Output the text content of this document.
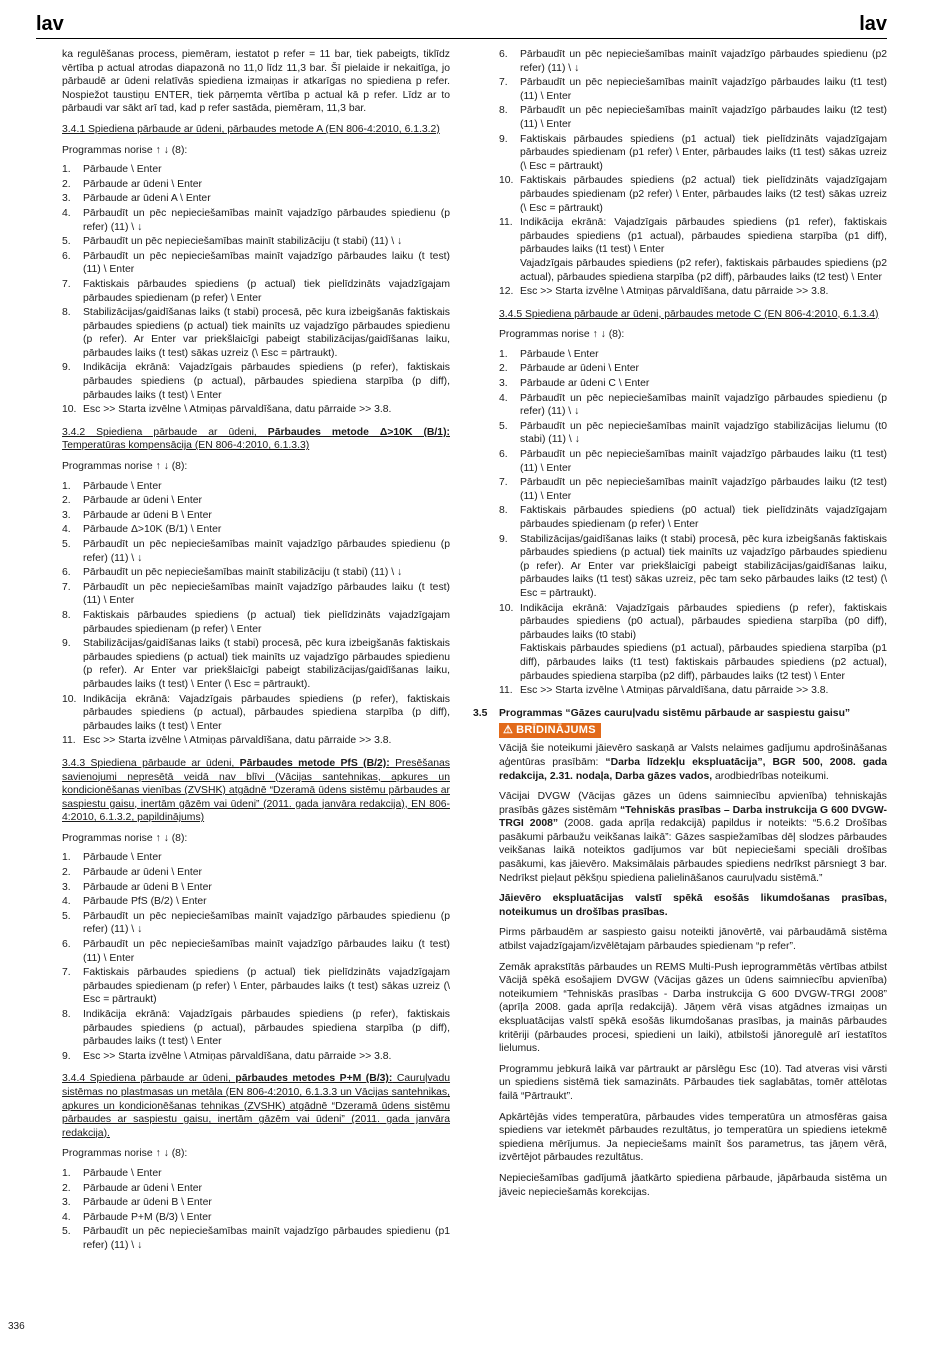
lav	lav

ka regulēšanas process, piemēram, iestatot p refer = 11 bar, tiek pabeigts, tiklīdz vērtība p actual atrodas diapazonā no 11,0 līdz 11,3 bar. Šī pielaide ir nekaitīga, jo pārbaudē ar ūdeni relatīvās spiediena izmaiņas ir atkarīgas no spiediena p refer. Nospiežot taustiņu ENTER, tiek pārņemta vērtība p actual kā p refer. Līdz ar to pārbaudi var sākt arī tad, kad p refer sastāda, piemēram, 11,3 bar.

3.4.1 Spiediena pārbaude ar ūdeni, pārbaudes metode A (EN 806-4:2010, 6.1.3.2)

Programmas norise ↑ ↓ (8):

1. Pārbaude \ Enter
2. Pārbaude ar ūdeni \ Enter
3. Pārbaude ar ūdeni A \ Enter
4. Pārbaudīt un pēc nepieciešamības mainīt vajadzīgo pārbaudes spiedienu (p refer) (11) \ ↓
5. Pārbaudīt un pēc nepieciešamības mainīt stabilizāciju (t stabi) (11) \ ↓
6. Pārbaudīt un pēc nepieciešamības mainīt vajadzīgo pārbaudes laiku (t test) (11) \ Enter
7. Faktiskais pārbaudes spiediens (p actual) tiek pielīdzināts vajadzīgajam pārbaudes spiedienam (p refer) \ Enter
8. Stabilizācijas/gaidīšanas laiks (t stabi) procesā, pēc kura izbeigšanās faktiskais pārbaudes spiediens (p actual) tiek mainīts uz vajadzīgo pārbaudes spiedienu (p refer). Ar Enter var priekšlaicīgi pabeigt stabilizācijas/gaidīšanas laiku, pārbaudes laiks (t test) sākas uzreiz (\ Esc = pārtraukt).
9. Indikācija ekrānā: Vajadzīgais pārbaudes spiediens (p refer), faktiskais pārbaudes spiediens (p actual), pārbaudes spiediena starpība (p diff), pārbaudes laiks (t test) \ Enter
10. Esc >> Starta izvēlne \ Atmiņas pārvaldīšana, datu pārraide >> 3.8.

3.4.2 Spiediena pārbaude ar ūdeni, Pārbaudes metode Δ>10K (B/1): Temperatūras kompensācija (EN 806-4:2010, 6.1.3.3)

Programmas norise ↑ ↓ (8):

1. Pārbaude \ Enter
2. Pārbaude ar ūdeni \ Enter
3. Pārbaude ar ūdeni B \ Enter
4. Pārbaude Δ>10K (B/1) \ Enter
5. Pārbaudīt un pēc nepieciešamības mainīt vajadzīgo pārbaudes spiedienu (p refer) (11) \ ↓
6. Pārbaudīt un pēc nepieciešamības mainīt stabilizāciju (t stabi) (11) \ ↓
7. Pārbaudīt un pēc nepieciešamības mainīt vajadzīgo pārbaudes laiku (t test) (11) \ Enter
8. Faktiskais pārbaudes spiediens (p actual) tiek pielīdzināts vajadzīgajam pārbaudes spiedienam (p refer) \ Enter
9. Stabilizācijas/gaidīšanas laiks (t stabi) procesā, pēc kura izbeigšanās faktiskais pārbaudes spiediens (p actual) tiek mainīts uz vajadzīgo pārbaudes spiedienu (p refer). Ar Enter var priekšlaicīgi pabeigt stabilizācijas/gaidīšanas laiku, pārbaudes laiks (t test) \ Enter (\ Esc = pārtraukt).
10. Indikācija ekrānā: Vajadzīgais pārbaudes spiediens (p refer), faktiskais pārbaudes spiediens (p actual), pārbaudes spiediena starpība (p diff), pārbaudes laiks (t test) \ Enter
11. Esc >> Starta izvēlne \ Atmiņas pārvaldīšana, datu pārraide >> 3.8.

3.4.3 Spiediena pārbaude ar ūdeni, Pārbaudes metode PfS (B/2): Presēšanas savienojumi nepresētā veidā nav blīvi (Vācijas santehnikas, apkures un kondicionēšanas vienības (ZVSHK) atgādnē “Dzeramā ūdens sistēmu pārbaudes ar saspiestu gaisu, inertām gāzēm vai ūdeni” (2011. gada janvāra redakcija), EN 806-4:2010, 6.1.3.2, papildinājums)

Programmas norise ↑ ↓ (8):

1. Pārbaude \ Enter
2. Pārbaude ar ūdeni \ Enter
3. Pārbaude ar ūdeni B \ Enter
4. Pārbaude PfS (B/2) \ Enter
5. Pārbaudīt un pēc nepieciešamības mainīt vajadzīgo pārbaudes spiedienu (p refer) (11) \ ↓
6. Pārbaudīt un pēc nepieciešamības mainīt vajadzīgo pārbaudes laiku (t test) (11) \ Enter
7. Faktiskais pārbaudes spiediens (p actual) tiek pielīdzināts vajadzīgajam pārbaudes spiedienam (p refer) \ Enter, pārbaudes laiks (t test) sākas uzreiz (\ Esc = pārtraukt)
8. Indikācija ekrānā: Vajadzīgais pārbaudes spiediens (p refer), faktiskais pārbaudes spiediens (p actual), pārbaudes spiediena starpība (p diff), pārbaudes laiks (t test) \ Enter
9. Esc >> Starta izvēlne \ Atmiņas pārvaldīšana, datu pārraide >> 3.8.

3.4.4 Spiediena pārbaude ar ūdeni, pārbaudes metodes P+M (B/3): Cauruļvadu sistēmas no plastmasas un metāla (EN 806-4:2010, 6.1.3.3 un Vācijas santehnikas, apkures un kondicionēšanas tehnikas (ZVSHK) atgādnē “Dzeramā ūdens sistēmu pārbaudes ar saspiestu gaisu, inertām gāzēm vai ūdeni” (2011. gada janvāra redakcija).

Programmas norise ↑ ↓ (8):

1. Pārbaude \ Enter
2. Pārbaude ar ūdeni \ Enter
3. Pārbaude ar ūdeni B \ Enter
4. Pārbaude P+M (B/3) \ Enter
5. Pārbaudīt un pēc nepieciešamības mainīt vajadzīgo pārbaudes spiedienu (p1 refer) (11) \ ↓
6. Pārbaudīt un pēc nepieciešamības mainīt vajadzīgo pārbaudes spiedienu (p2 refer) (11) \ ↓
7. Pārbaudīt un pēc nepieciešamības mainīt vajadzīgo pārbaudes laiku (t1 test) (11) \ Enter
8. Pārbaudīt un pēc nepieciešamības mainīt vajadzīgo pārbaudes laiku (t2 test) (11) \ Enter
9. Faktiskais pārbaudes spiediens (p1 actual) tiek pielīdzināts vajadzīgajam pārbaudes spiedienam (p1 refer) \ Enter, pārbaudes laiks (t1 test) sākas uzreiz (\ Esc = pārtraukt)
10. Faktiskais pārbaudes spiediens (p2 actual) tiek pielīdzināts vajadzīgajam pārbaudes spiedienam (p2 refer) \ Enter, pārbaudes laiks (t2 test) sākas uzreiz (\ Esc = pārtraukt)
11. Indikācija ekrānā: Vajadzīgais pārbaudes spiediens (p1 refer), faktiskais pārbaudes spiediens (p1 actual), pārbaudes spiediena starpība (p1 diff), pārbaudes laiks (t1 test) \ Enter
Vajadzīgais pārbaudes spiediens (p2 refer), faktiskais pārbaudes spiediens (p2 actual), pārbaudes spiediena starpība (p2 diff), pārbaudes laiks (t2 test) \ Enter
12. Esc >> Starta izvēlne \ Atmiņas pārvaldīšana, datu pārraide >> 3.8.

3.4.5 Spiediena pārbaude ar ūdeni, pārbaudes metode C (EN 806-4:2010, 6.1.3.4)

Programmas norise ↑ ↓ (8):

1. Pārbaude \ Enter
2. Pārbaude ar ūdeni \ Enter
3. Pārbaude ar ūdeni C \ Enter
4. Pārbaudīt un pēc nepieciešamības mainīt vajadzīgo pārbaudes spiedienu (p refer) (11) \ ↓
5. Pārbaudīt un pēc nepieciešamības mainīt vajadzīgo stabilizācijas lielumu (t0 stabi) (11) \ ↓
6. Pārbaudīt un pēc nepieciešamības mainīt vajadzīgo pārbaudes laiku (t1 test) (11) \ Enter
7. Pārbaudīt un pēc nepieciešamības mainīt vajadzīgo pārbaudes laiku (t2 test) (11) \ Enter
8. Faktiskais pārbaudes spiediens (p0 actual) tiek pielīdzināts vajadzīgajam pārbaudes spiedienam (p refer) \ Enter
9. Stabilizācijas/gaidīšanas laiks (t stabi) procesā, pēc kura izbeigšanās faktiskais pārbaudes spiediens (p actual) tiek mainīts uz vajadzīgo pārbaudes spiedienu (p refer). Ar Enter var priekšlaicīgi pabeigt stabilizācijas/gaidīšanas laiku, pārbaudes laiks (t1 test) sākas uzreiz, pēc tam seko pārbaudes laiks (t2 test) (\ Esc = pārtraukt).
10. Indikācija ekrānā: Vajadzīgais pārbaudes spiediens (p refer), faktiskais pārbaudes spiediens (p0 actual), pārbaudes spiediena starpība (p0 diff), pārbaudes laiks (t0 stabi)
Faktiskais pārbaudes spiediens (p1 actual), pārbaudes spiediena starpība (p1 diff), pārbaudes laiks (t1 test) faktiskais pārbaudes spiediens (p2 actual), pārbaudes spiediena starpība (p2 diff), pārbaudes laiks (t2 test) \ Enter
11. Esc >> Starta izvēlne \ Atmiņas pārvaldīšana, datu pārraide >> 3.8.
3.5 Programmas “Gāzes cauruļvadu sistēmu pārbaude ar saspiestu gaisu”
⚠ BRĪDINĀJUMS

Vācijā šie noteikumi jāievēro saskaņā ar Valsts nelaimes gadījumu apdrošināšanas aģentūras prasībām: “Darba līdzekļu ekspluatācija”, BGR 500, 2008. gada redakcija, 2.31. nodaļa, Darba gāzes vados, arodbiedrības noteikumi.

Vācijai DVGW (Vācijas gāzes un ūdens saimniecību apvienība) tehniskajās prasībās gāzes sistēmām “Tehniskās prasības – Darba instrukcija G 600 DVGW-TRGI 2008” (2008. gada aprīļa redakcijā) papildus ir noteikts: “5.6.2 Drošības pasākumi pārbaužu veikšanas laikā”: Gāzes saspiežamības dēļ slodzes pārbaudes veikšanas laikā noteiktos gadījumos var būt nepieciešami speciāli drošības pasākumi, kas jāievēro. Maksimālais pārbaudes spiediens nedrīkst pārsniegt 3 bar. Nedrīkst pieļaut pēkšņu spiediena palielināšanos cauruļvadu sistēmā.”

Jāievēro ekspluatācijas valstī spēkā esošās likumdošanas prasības, noteikumus un drošības prasības.

Pirms pārbaudēm ar saspiesto gaisu noteikti jānovērtē, vai pārbaudāmā sistēma atbilst vajadzīgajam/izvēlētajam pārbaudes spiedienam “p refer”.

Zemāk aprakstītās pārbaudes un REMS Multi-Push ieprogrammētās vērtības atbilst Vācijā spēkā esošajiem DVGW (Vācijas gāzes un ūdens saimniecību apvienība) noteikumiem “Tehniskās prasības - Darba instrukcija G 600 DVGW-TRGI 2008” (aprīļa 2008. gada aprīļa redakcijā). Jāņem vērā visas atgādnes izmaiņas un ekspluatācijas valstī spēkā esošās likumdošanas prasības, ja mainās pārbaudes kritēriji (pārbaudes procesi, spiedieni un laiki), atbilstoši jānoregulē arī iestatītos lielumus.

Programmu jebkurā laikā var pārtraukt ar pārslēgu Esc (10). Tad atveras visi vārsti un spiediens sistēmā tiek samazināts. Pārbaudes tiek saglabātas, tomēr attēlotas failā “Pārtraukt”.

Apkārtējās vides temperatūra, pārbaudes vides temperatūra un atmosfēras gaisa spiediens var ietekmēt pārbaudes rezultātus, jo temperatūra un spiediens ietekmē spiediena mērījumus. Ja nepieciešams mainīt šos parametrus, tas jāņem vērā, izvērtējot pārbaudes rezultātus.

Nepieciešamības gadījumā jāatkārto spiediena pārbaude, jāpārbauda sistēma un jāveic nepieciešamās korekcijas.

336
